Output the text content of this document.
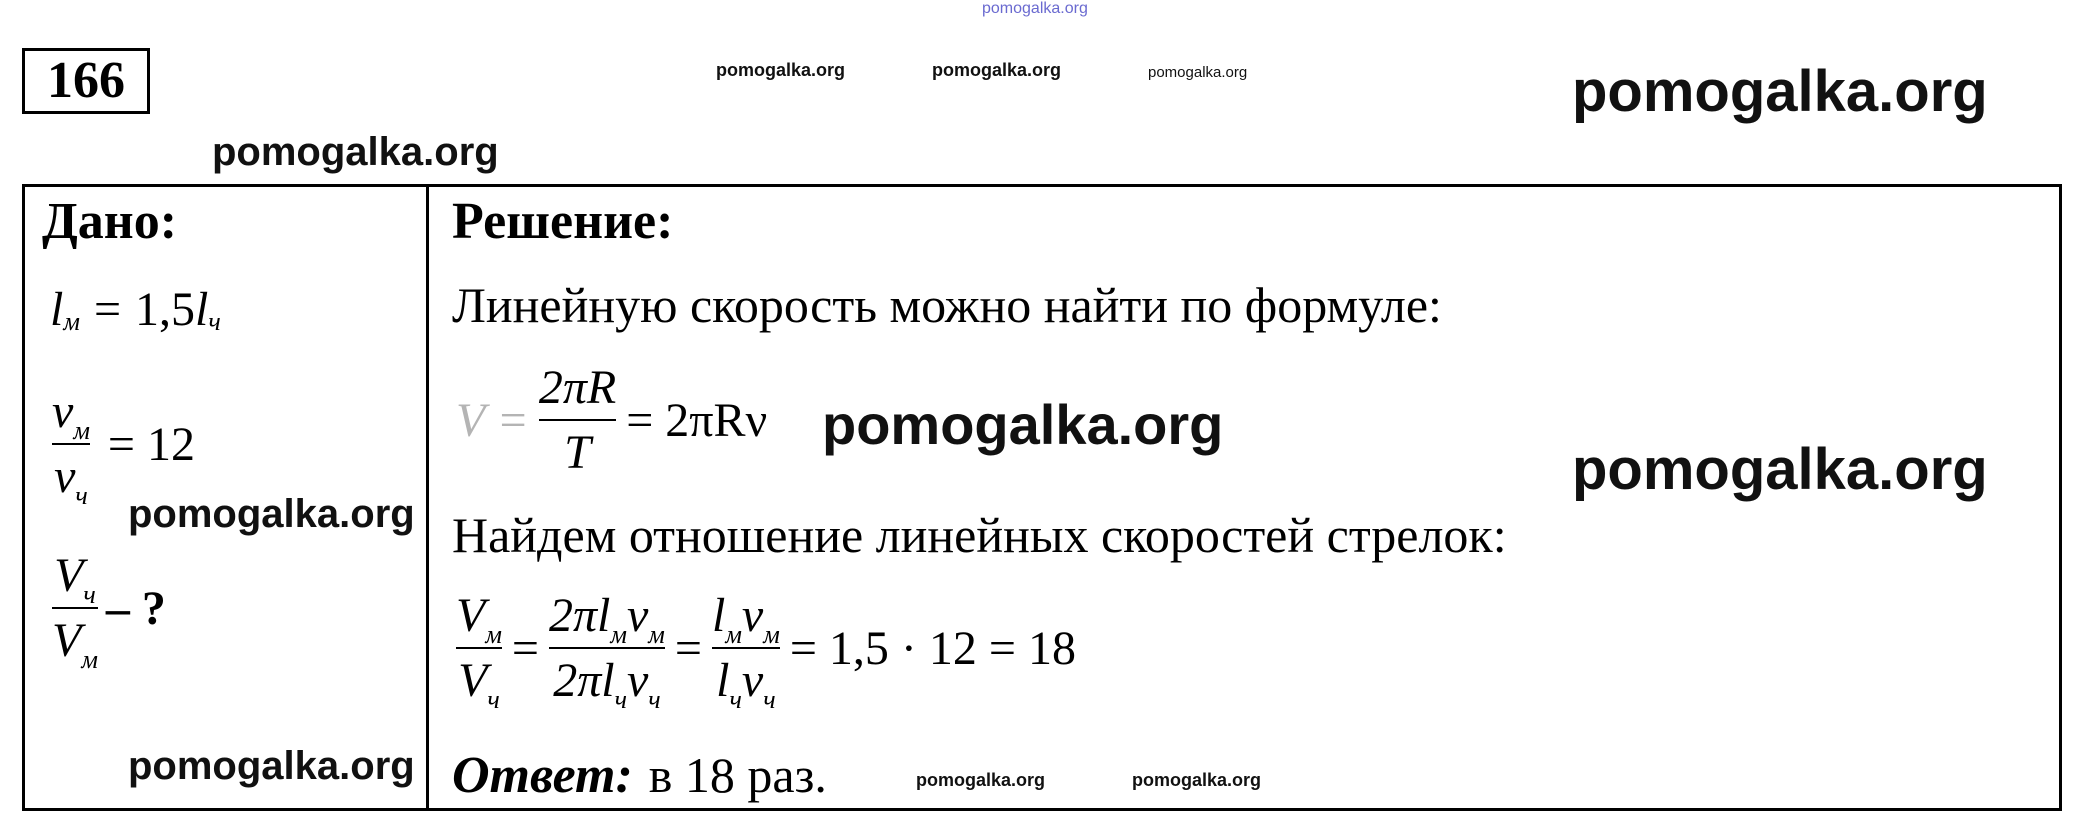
pomogalka.org
pomogalka.org	pomogalka.org	pomogalka.org	pomogalka.org
pomogalka.org
166
Дано:
l м = 1,5 l ч
$\frac{\nu_м}{\nu_ч} = 12$
pomogalka.org
$\frac{V_ч}{V_м}$ – ?
pomogalka.org
Решение:
Линейную скорость можно найти по формуле:
$V = \frac{2\pi R}{T} = 2\pi R\nu$ pomogalka.org
pomogalka.org
Найдем отношение линейных скоростей стрелок:
$\frac{V_м}{V_ч} = \frac{2\pi l_м\nu_м}{2\pi l_ч\nu_ч} = \frac{l_м\nu_м}{l_ч\nu_ч} = 1,5 \cdot 12 = 18$
Ответ: в 18 раз.	pomogalka.org	pomogalka.org
